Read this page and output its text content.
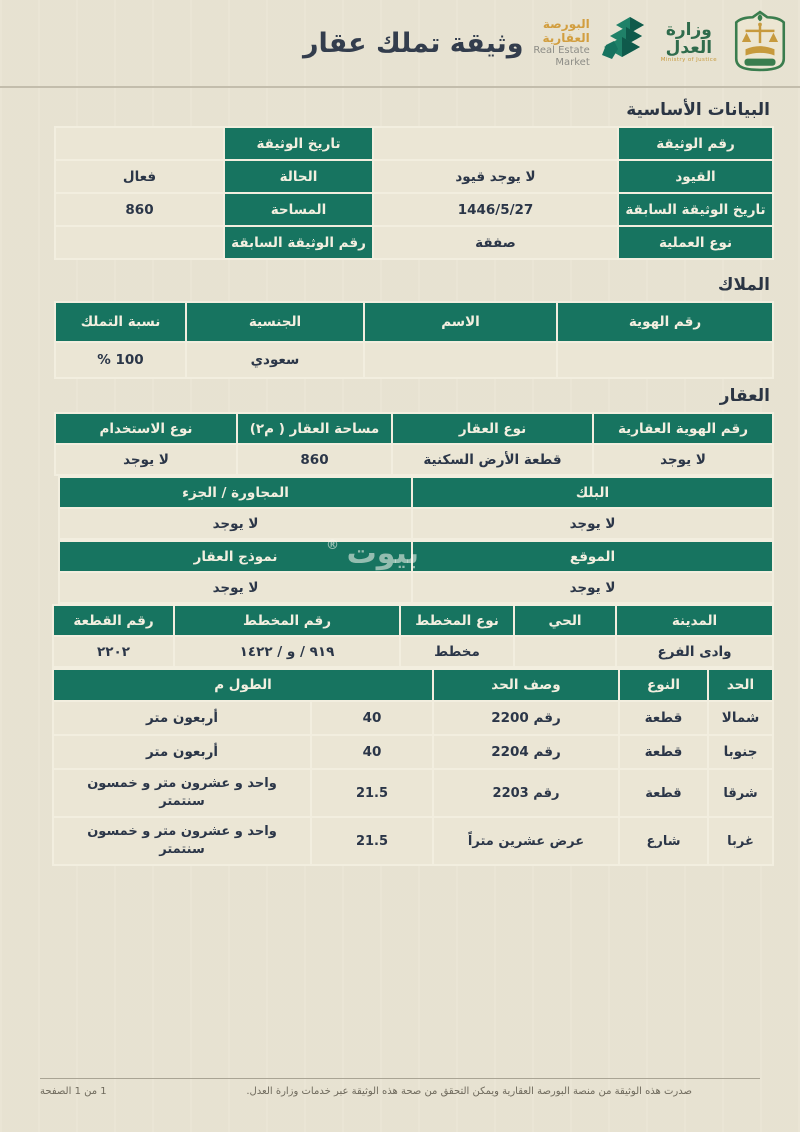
وثيقة تملك عقار
البورصة العقارية
Real Estate Market
وزارة العدل
Ministry of Justice
البيانات الأساسية
رقم الوثيقة		تاريخ الوثيقة	
القيود	لا يوجد قيود	الحالة	فعال
تاريخ الوثيقة السابقة	1446/5/27	المساحة	860
نوع العملية	صفقة	رقم الوثيقة السابقة	
الملاك
رقم الهوية	الاسم	الجنسية	نسبة التملك
		سعودي	100 %
العقار
رقم الهوية العقارية	نوع العقار	مساحة العقار ( م٢)	نوع الاستخدام
لا يوجد	قطعة الأرض السكنية	860	لا يوجد
البلك	المجاورة / الجزء
لا يوجد	لا يوجد
الموقع	نموذج العقار
لا يوجد	لا يوجد
المدينة	الحي	نوع المخطط	رقم المخطط	رقم القطعة
وادى الفرع		مخطط	٩١٩ / و / ١٤٢٢	٢٢٠٢
الحد	النوع	وصف الحد	الطول م	
شمالا	قطعة	رقم 2200	40	أربعون متر
جنوبا	قطعة	رقم 2204	40	أربعون متر
شرقا	قطعة	رقم 2203	21.5	واحد و عشرون متر و خمسون سنتمتر
غربا	شارع	عرض عشرين متراً	21.5	واحد و عشرون متر و خمسون سنتمتر
بيوت ®
صدرت هذه الوثيقة من منصة البورصة العقارية ويمكن التحقق من صحة هذه الوثيقة عبر خدمات وزارة العدل.
الصفحة 1 من 1
